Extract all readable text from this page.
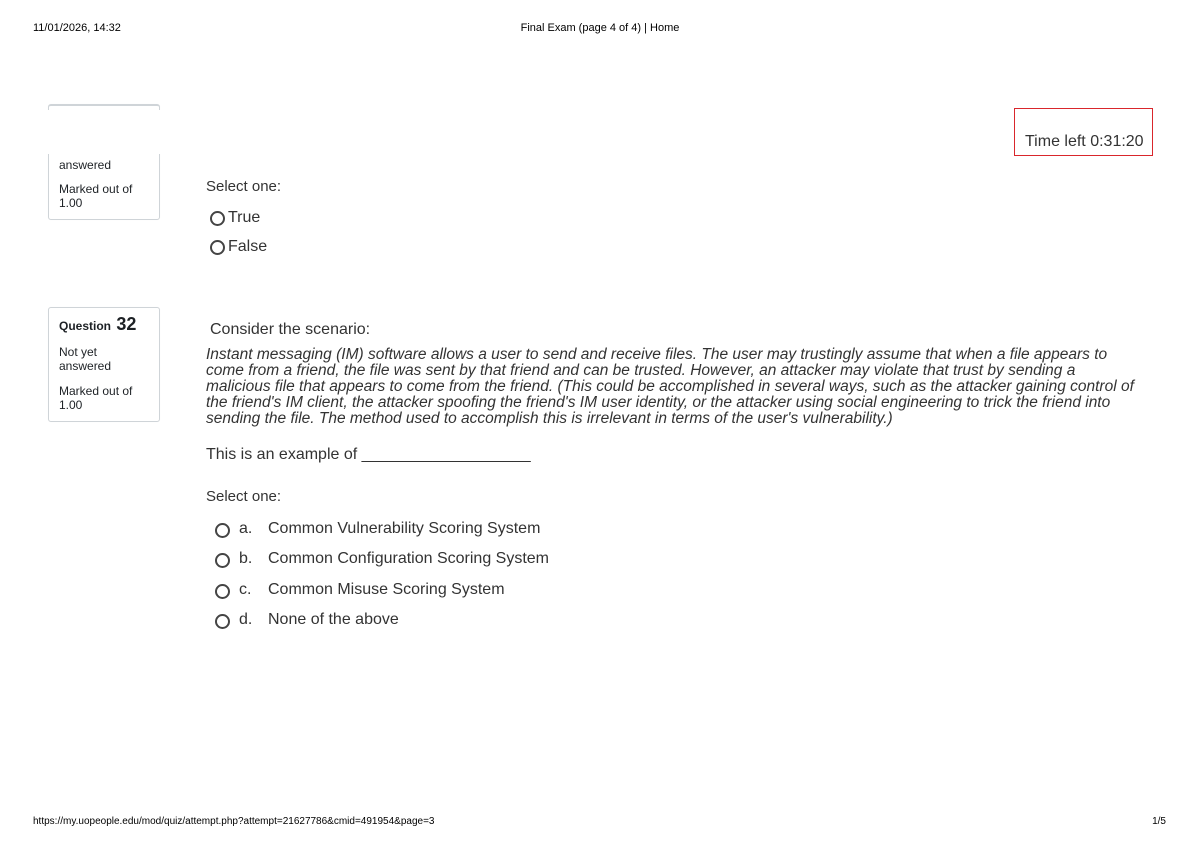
11/01/2026, 14:32	Final Exam (page 4 of 4) | Home
answered
Marked out of 1.00
Time left 0:31:20
Select one:
True
False
Question 32
Not yet answered
Marked out of 1.00
Consider the scenario:
Instant messaging (IM) software allows a user to send and receive files. The user may trustingly assume that when a file appears to come from a friend, the file was sent by that friend and can be trusted. However, an attacker may violate that trust by sending a malicious file that appears to come from the friend. (This could be accomplished in several ways, such as the attacker gaining control of the friend's IM client, the attacker spoofing the friend's IM user identity, or the attacker using social engineering to trick the friend into sending the file. The method used to accomplish this is irrelevant in terms of the user's vulnerability.)
This is an example of ___________________
Select one:
a. Common Vulnerability Scoring System
b. Common Configuration Scoring System
c.	Common Misuse Scoring System
d. None of the above
https://my.uopeople.edu/mod/quiz/attempt.php?attempt=21627786&cmid=491954&page=3	1/5
